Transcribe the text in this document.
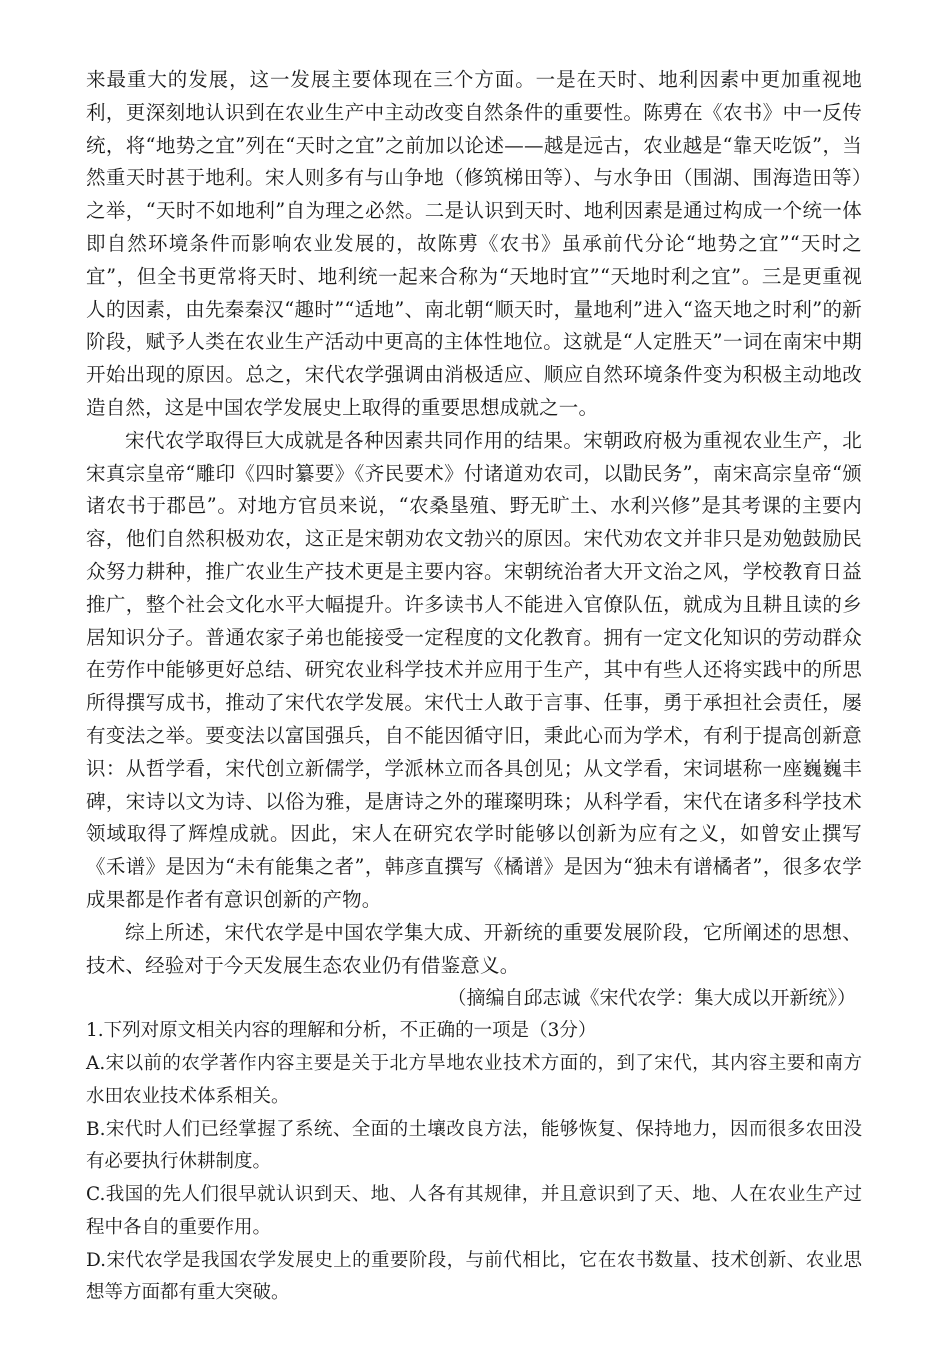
来最重大的发展，这一发展主要体现在三个方面。一是在天时、地利因素中更加重视地利，更深刻地认识到在农业生产中主动改变自然条件的重要性。陈旉在《农书》中一反传统，将“地势之宜”列在“天时之宜”之前加以论述——越是远古，农业越是“靠天吃饭”，当然重天时甚于地利。宋人则多有与山争地（修筑梯田等）、与水争田（围湖、围海造田等）之举，“天时不如地利”自为理之必然。二是认识到天时、地利因素是通过构成一个统一体即自然环境条件而影响农业发展的，故陈旉《农书》虽承前代分论“地势之宜”“天时之宜”，但全书更常将天时、地利统一起来合称为“天地时宜”“天地时利之宜”。三是更重视人的因素，由先秦秦汉“趣时”“适地”、南北朝“顺天时，量地利”进入“盗天地之时利”的新阶段，赋予人类在农业生产活动中更高的主体性地位。这就是“人定胜天”一词在南宋中期开始出现的原因。总之，宋代农学强调由消极适应、顺应自然环境条件变为积极主动地改造自然，这是中国农学发展史上取得的重要思想成就之一。

宋代农学取得巨大成就是各种因素共同作用的结果。宋朝政府极为重视农业生产，北宋真宗皇帝“雕印《四时纂要》《齐民要术》付诸道劝农司，以勖民务”，南宋高宗皇帝“颁诸农书于郡邑”。对地方官员来说，“农桑垦殖、野无旷土、水利兴修”是其考课的主要内容，他们自然积极劝农，这正是宋朝劝农文勃兴的原因。宋代劝农文并非只是劝勉鼓励民众努力耕种，推广农业生产技术更是主要内容。宋朝统治者大开文治之风，学校教育日益推广，整个社会文化水平大幅提升。许多读书人不能进入官僚队伍，就成为且耕且读的乡居知识分子。普通农家子弟也能接受一定程度的文化教育。拥有一定文化知识的劳动群众在劳作中能够更好总结、研究农业科学技术并应用于生产，其中有些人还将实践中的所思所得撰写成书，推动了宋代农学发展。宋代士人敢于言事、任事，勇于承担社会责任，屡有变法之举。要变法以富国强兵，自不能因循守旧，秉此心而为学术，有利于提高创新意识：从哲学看，宋代创立新儒学，学派林立而各具创见；从文学看，宋词堪称一座巍巍丰碑，宋诗以文为诗、以俗为雅，是唐诗之外的璀璨明珠；从科学看，宋代在诸多科学技术领域取得了辉煌成就。因此，宋人在研究农学时能够以创新为应有之义，如曾安止撰写《禾谱》是因为“未有能集之者”，韩彦直撰写《橘谱》是因为“独未有谱橘者”，很多农学成果都是作者有意识创新的产物。

综上所述，宋代农学是中国农学集大成、开新统的重要发展阶段，它所阐述的思想、技术、经验对于今天发展生态农业仍有借鉴意义。

（摘编自邱志诚《宋代农学：集大成以开新统》）

1.下列对原文相关内容的理解和分析，不正确的一项是（3分）

A.宋以前的农学著作内容主要是关于北方旱地农业技术方面的，到了宋代，其内容主要和南方水田农业技术体系相关。

B.宋代时人们已经掌握了系统、全面的土壤改良方法，能够恢复、保持地力，因而很多农田没有必要执行休耕制度。

C.我国的先人们很早就认识到天、地、人各有其规律，并且意识到了天、地、人在农业生产过程中各自的重要作用。

D.宋代农学是我国农学发展史上的重要阶段，与前代相比，它在农书数量、技术创新、农业思想等方面都有重大突破。
